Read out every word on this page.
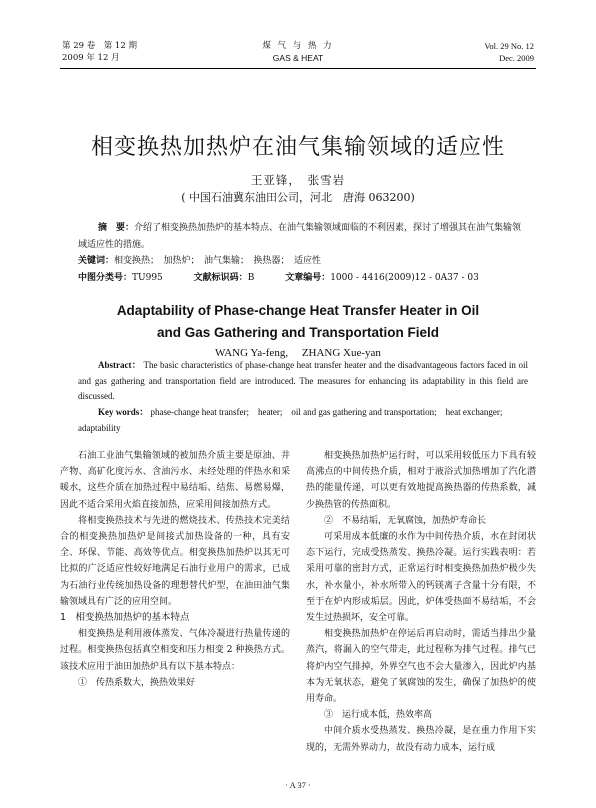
第 29 卷　第 12 期
2009 年 12 月
煤 气 与 热 力
GAS & HEAT
Vol. 29 No. 12
Dec. 2009
相变换热加热炉在油气集输领域的适应性
王亚锋，　张雪岩
( 中国石油冀东油田公司，河北　唐海 063200)
摘　要：介绍了相变换热加热炉的基本特点、在油气集输领域面临的不利因素，探讨了增强其在油气集输领域适应性的措施。
关键词：相变换热；　加热炉；　油气集输；　换热器；　适应性
中图分类号：TU995	文献标识码：B	文章编号：1000 - 4416(2009)12 - 0A37 - 03
Adaptability of Phase-change Heat Transfer Heater in Oil
and Gas Gathering and Transportation Field
WANG Ya-feng,　 ZHANG Xue-yan
Abstract： The basic characteristics of phase-change heat transfer heater and the disadvantageous factors faced in oil and gas gathering and transportation field are introduced. The measures for enhancing its adaptability in this field are discussed.
Key words： phase-change heat transfer;　heater;　oil and gas gathering and transportation;　heat exchanger;　adaptability

石油工业油气集输领域的被加热介质主要是原油、井产物、高矿化度污水、含油污水、未经处理的伴热水和采暖水，这些介质在加热过程中易结垢、结焦、易燃易爆，因此不适合采用火焰直接加热，应采用间接加热方式。

将相变换热技术与先进的燃烧技术、传热技术完美结合的相变换热加热炉是间接式加热设备的一种，具有安全、环保、节能、高效等优点。相变换热加热炉以其无可比拟的广泛适应性较好地满足石油行业用户的需求，已成为石油行业传统加热设备的理想替代炉型，在油田油气集输领域具有广泛的应用空间。

1　相变换热加热炉的基本特点

相变换热是利用液体蒸发、气体冷凝进行热量传递的过程。相变换热包括真空相变和压力相变 2 种换热方式。该技术应用于油田加热炉具有以下基本特点：

①　传热系数大，换热效果好

相变换热加热炉运行时，可以采用较低压力下具有较高沸点的中间传热介质，相对于液浴式加热增加了汽化潜热的能量传递，可以更有效地提高换热器的传热系数，减少换热管的传热面积。

②　不易结垢，无氧腐蚀，加热炉寿命长

可采用成本低廉的水作为中间传热介质，水在封闭状态下运行，完成受热蒸发、换热冷凝。运行实践表明：若采用可靠的密封方式，正常运行时相变换热加热炉极少失水，补水量小，补水所带入的钙镁离子含量十分有限，不至于在炉内形成垢层。因此，炉体受热面不易结垢，不会发生过热损坏，安全可靠。

相变换热加热炉在停运后再启动时，需适当排出少量蒸汽，将漏入的空气带走，此过程称为排气过程。排气已将炉内空气排掉，外界空气也不会大量渗入，因此炉内基本为无氧状态，避免了氧腐蚀的发生，确保了加热炉的使用寿命。

③　运行成本低，热效率高

中间介质水受热蒸发、换热冷凝，是在重力作用下实现的，无需外界动力，故没有动力成本，运行成

· A 37 ·
